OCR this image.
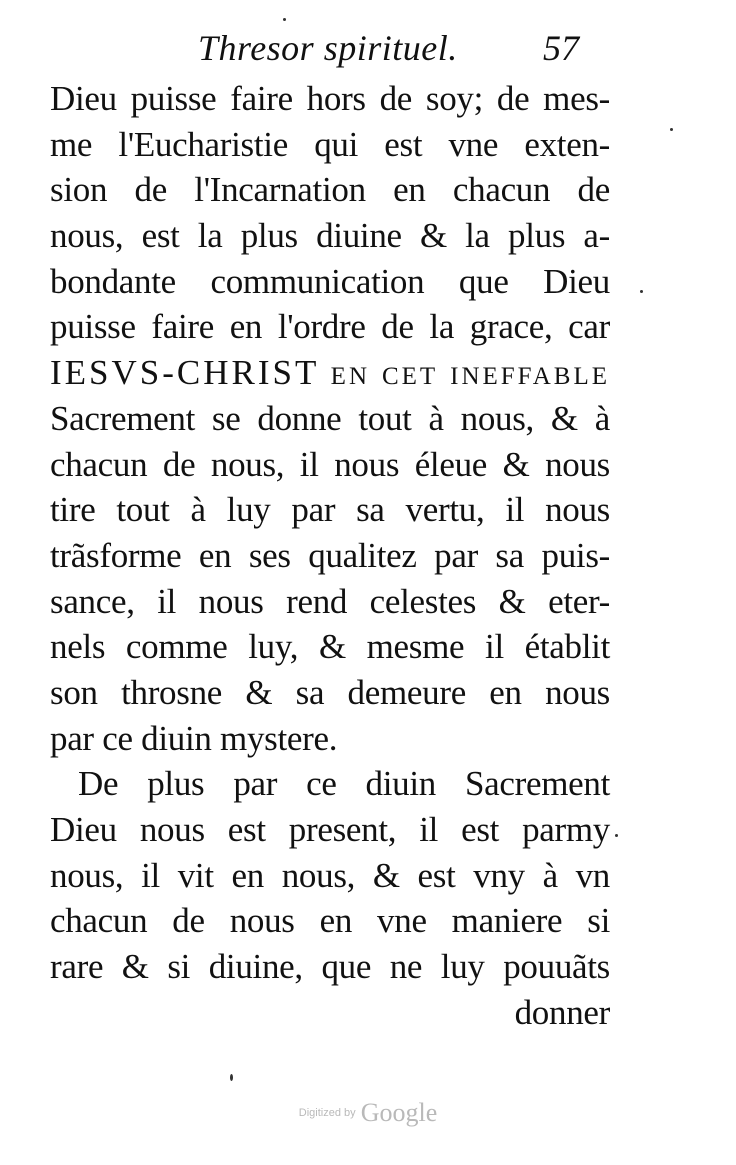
Thresor spirituel. 57
Dieu puisse faire hors de soy; de mes-
me l'Eucharistie qui est vne exten-
sion de l'Incarnation en chacun de
nous, est la plus diuine & la plus a-
bondante communication que Dieu
puisse faire en l'ordre de la grace, car
IESVS-CHRIST en cet ineffable
Sacrement se donne tout à nous, & à
chacun de nous, il nous éleue & nous
tire tout à luy par sa vertu, il nous
trãsforme en ses qualitez par sa puis-
sance, il nous rend celestes & eter-
nels comme luy, & mesme il établit
son throsne & sa demeure en nous
par ce diuin mystere.
De plus par ce diuin Sacrement
Dieu nous est present, il est parmy
nous, il vit en nous, & est vny à vn
chacun de nous en vne maniere si
rare & si diuine, que ne luy pouuãts
donner
Digitized by Google
